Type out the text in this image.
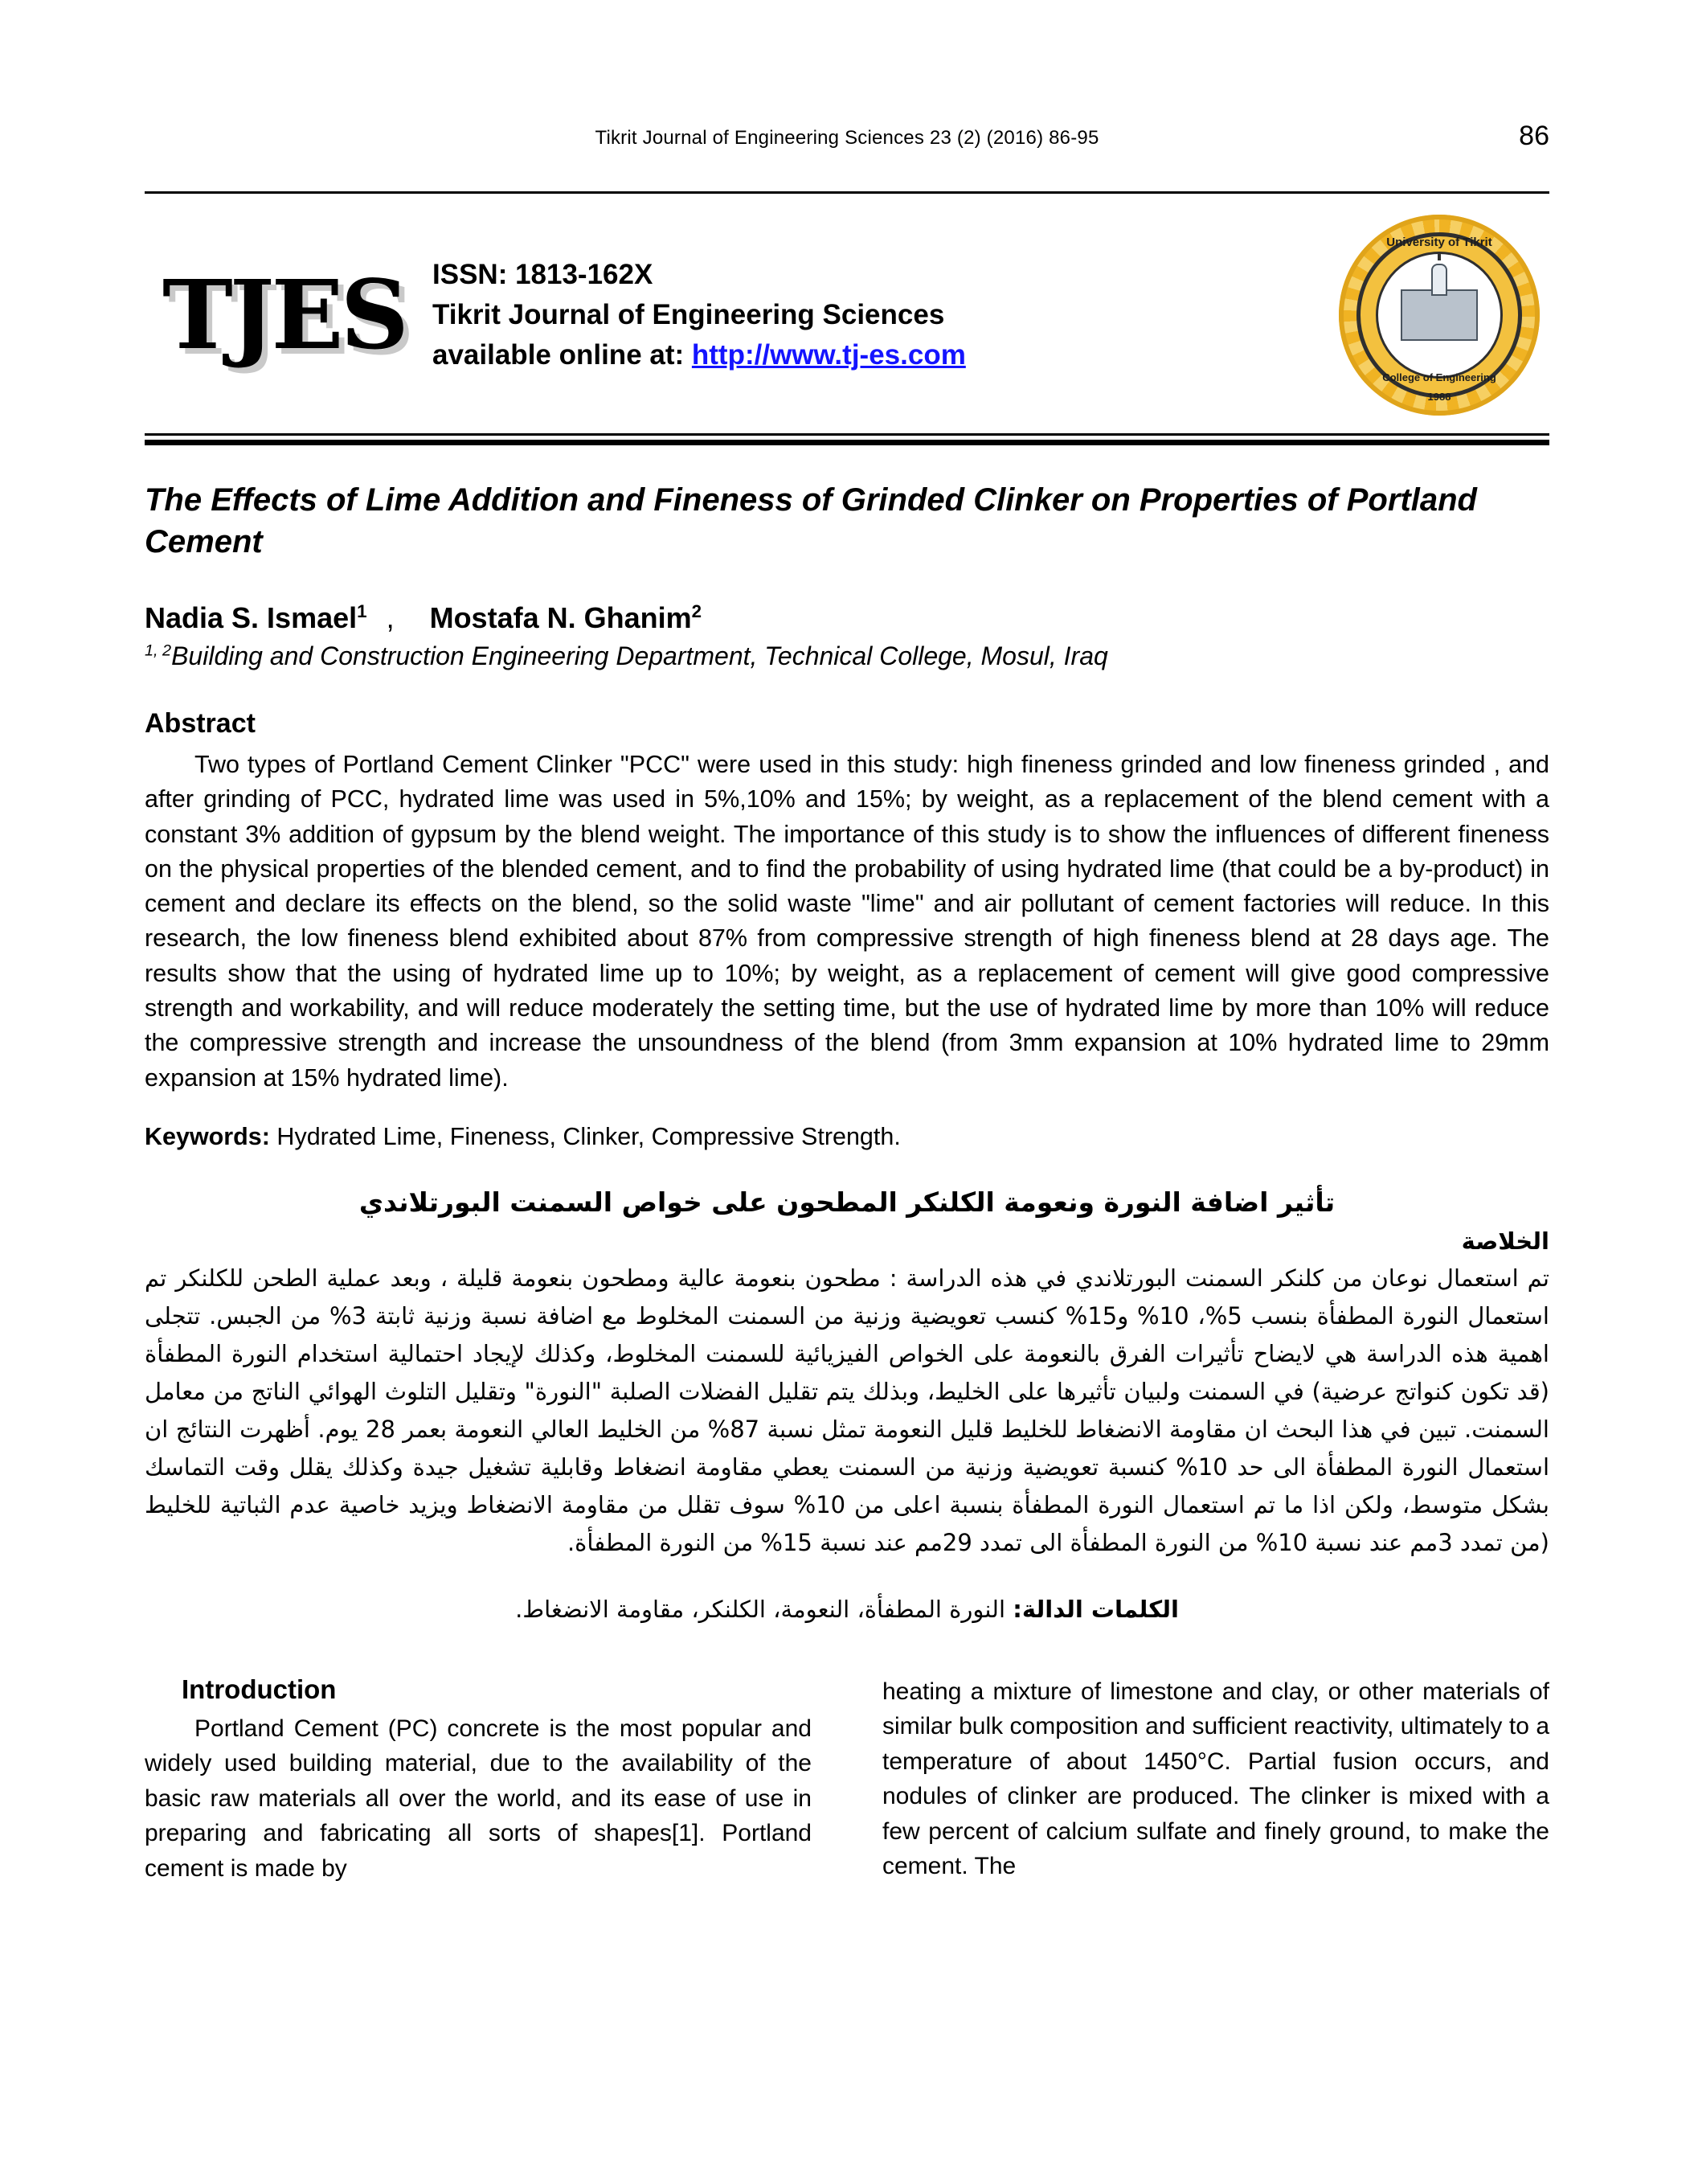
Tikrit Journal of Engineering Sciences 23 (2) (2016) 86-95	86
TJES ISSN: 1813-162X
Tikrit Journal of Engineering Sciences
available online at: http://www.tj-es.com
University of Tikrit
College of Engineering
1988
The Effects of Lime Addition and Fineness of Grinded Clinker on Properties of Portland Cement
Nadia S. Ismael$^1$ , Mostafa N. Ghanim$^2$
$^{1, 2}$Building and Construction Engineering Department, Technical College, Mosul, Iraq
Abstract
Two types of Portland Cement Clinker "PCC" were used in this study: high fineness grinded and low fineness grinded , and after grinding of PCC, hydrated lime was used in 5%,10% and 15%; by weight, as a replacement of the blend cement with a constant 3% addition of gypsum by the blend weight. The importance of this study is to show the influences of different fineness on the physical properties of the blended cement, and to find the probability of using hydrated lime (that could be a by-product) in cement and declare its effects on the blend, so the solid waste "lime" and air pollutant of cement factories will reduce. In this research, the low fineness blend exhibited about 87% from compressive strength of high fineness blend at 28 days age. The results show that the using of hydrated lime up to 10%; by weight, as a replacement of cement will give good compressive strength and workability, and will reduce moderately the setting time, but the use of hydrated lime by more than 10% will reduce the compressive strength and increase the unsoundness of the blend (from 3mm expansion at 10% hydrated lime to 29mm expansion at 15% hydrated lime).
Keywords: Hydrated Lime, Fineness, Clinker, Compressive Strength.
تأثير اضافة النورة ونعومة الكلنكر المطحون على خواص السمنت البورتلاندي
الخلاصة
تم استعمال نوعان من كلنكر السمنت البورتلاندي في هذه الدراسة : مطحون بنعومة عالية ومطحون بنعومة قليلة ، وبعد عملية الطحن للكلنكر تم استعمال النورة المطفأة بنسب 5%، 10% و15% كنسب تعويضية وزنية من السمنت المخلوط مع اضافة نسبة وزنية ثابتة 3% من الجبس. تتجلى اهمية هذه الدراسة هي لايضاح تأثيرات الفرق بالنعومة على الخواص الفيزيائية للسمنت المخلوط، وكذلك لإيجاد احتمالية استخدام النورة المطفأة (قد تكون كنواتج عرضية) في السمنت ولبيان تأثيرها على الخليط، وبذلك يتم تقليل الفضلات الصلبة "النورة" وتقليل التلوث الهوائي الناتج من معامل السمنت. تبين في هذا البحث ان مقاومة الانضغاط للخليط قليل النعومة تمثل نسبة 87% من الخليط العالي النعومة بعمر 28 يوم. أظهرت النتائج ان استعمال النورة المطفأة الى حد 10% كنسبة تعويضية وزنية من السمنت يعطي مقاومة انضغاط وقابلية تشغيل جيدة وكذلك يقلل وقت التماسك بشكل متوسط، ولكن اذا ما تم استعمال النورة المطفأة بنسبة اعلى من 10% سوف تقلل من مقاومة الانضغاط ويزيد خاصية عدم الثباتية للخليط (من تمدد 3مم عند نسبة 10% من النورة المطفأة الى تمدد 29مم عند نسبة 15% من النورة المطفأة.
الكلمات الدالة: النورة المطفأة، النعومة، الكلنكر، مقاومة الانضغاط.
Introduction
Portland Cement (PC) concrete is the most popular and widely used building material, due to the availability of the basic raw materials all over the world, and its ease of use in preparing and fabricating all sorts of shapes[1]. Portland cement is made by
heating a mixture of limestone and clay, or other materials of similar bulk composition and sufficient reactivity, ultimately to a temperature of about 1450°C. Partial fusion occurs, and nodules of clinker are produced. The clinker is mixed with a few percent of calcium sulfate and finely ground, to make the cement. The
